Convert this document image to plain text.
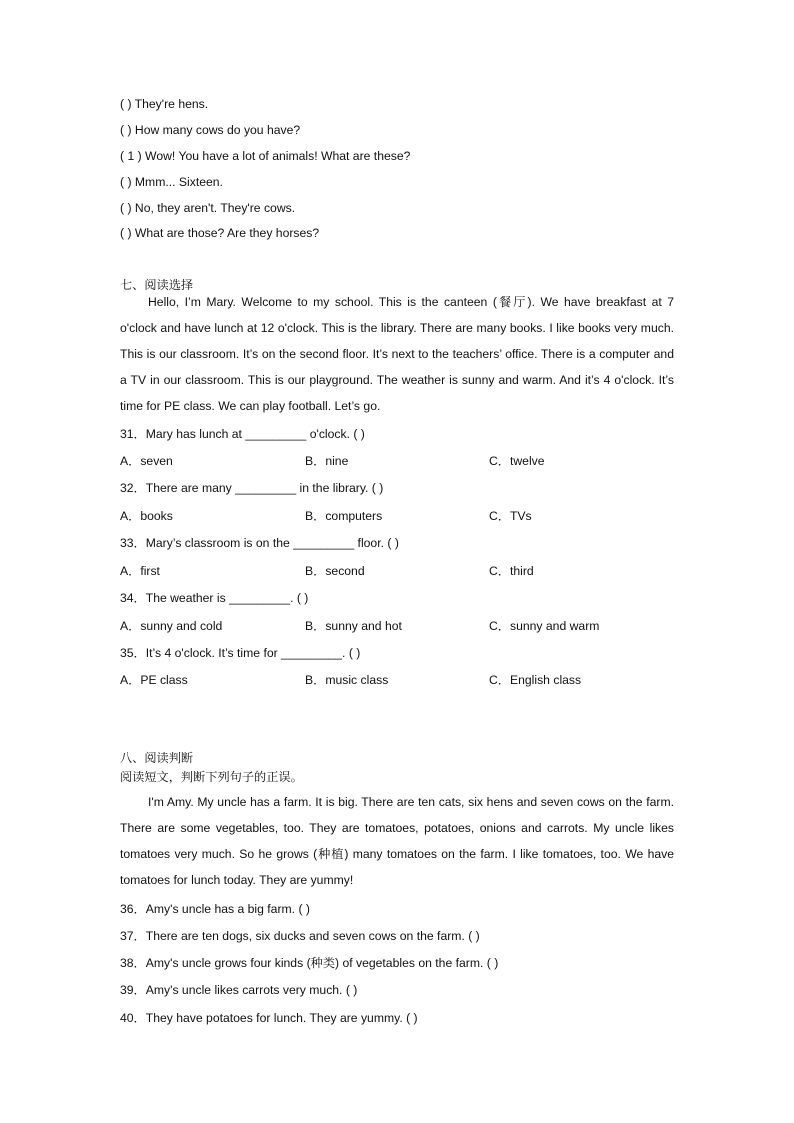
( ) They're hens.
( ) How many cows do you have?
( 1 ) Wow! You have a lot of animals! What are these?
( ) Mmm... Sixteen.
( ) No, they aren't. They're cows.
( ) What are those? Are they horses?
七、阅读选择
Hello, I’m Mary. Welcome to my school. This is the canteen (餐厅). We have breakfast at 7 o'clock and have lunch at 12 o'clock. This is the library. There are many books. I like books very much. This is our classroom. It’s on the second floor. It’s next to the teachers’ office. There is a computer and a TV in our classroom. This is our playground. The weather is sunny and warm. And it’s 4 o'clock. It’s time for PE class. We can play football. Let’s go.
31．Mary has lunch at _________ o'clock. ( )
A．seven	B．nine	C．twelve
32．There are many _________ in the library. ( )
A．books	B．computers	C．TVs
33．Mary’s classroom is on the _________ floor. ( )
A．first	B．second	C．third
34．The weather is _________. ( )
A．sunny and cold	B．sunny and hot	C．sunny and warm
35．It’s 4 o'clock. It’s time for _________. ( )
A．PE class	B．music class	C．English class
八、阅读判断
阅读短文，判断下列句子的正误。
I'm Amy. My uncle has a farm. It is big. There are ten cats, six hens and seven cows on the farm. There are some vegetables, too. They are tomatoes, potatoes, onions and carrots. My uncle likes tomatoes very much. So he grows (种植) many tomatoes on the farm. I like tomatoes, too. We have tomatoes for lunch today. They are yummy!
36．Amy's uncle has a big farm. ( )
37．There are ten dogs, six ducks and seven cows on the farm. ( )
38．Amy's uncle grows four kinds (种类) of vegetables on the farm. ( )
39．Amy's uncle likes carrots very much. ( )
40．They have potatoes for lunch. They are yummy. ( )
